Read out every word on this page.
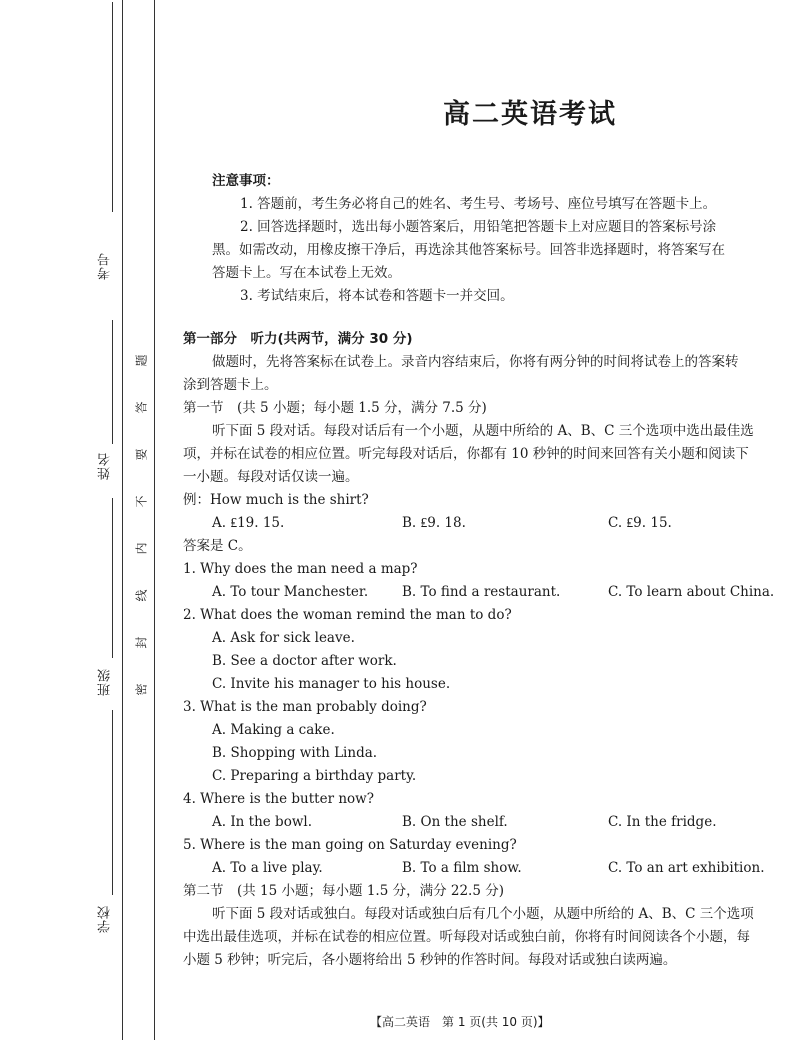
考号
姓名
班级
学校
题
答
要
不
内
线
封
密
高二英语考试
注意事项：
1. 答题前，考生务必将自己的姓名、考生号、考场号、座位号填写在答题卡上。
2. 回答选择题时，选出每小题答案后，用铅笔把答题卡上对应题目的答案标号涂
黑。如需改动，用橡皮擦干净后，再选涂其他答案标号。回答非选择题时，将答案写在
答题卡上。写在本试卷上无效。
3. 考试结束后，将本试卷和答题卡一并交回。
第一部分　听力(共两节，满分 30 分)
做题时，先将答案标在试卷上。录音内容结束后，你将有两分钟的时间将试卷上的答案转
涂到答题卡上。
第一节　(共 5 小题；每小题 1.5 分，满分 7.5 分)
听下面 5 段对话。每段对话后有一个小题，从题中所给的 A、B、C 三个选项中选出最佳选
项，并标在试卷的相应位置。听完每段对话后，你都有 10 秒钟的时间来回答有关小题和阅读下
一小题。每段对话仅读一遍。
例：How much is the shirt?
A. ₤19. 15.	B. ₤9. 18.	C. ₤9. 15.
答案是 C。
1. Why does the man need a map?
A. To tour Manchester.	B. To find a restaurant.	C. To learn about China.
2. What does the woman remind the man to do?
A. Ask for sick leave.
B. See a doctor after work.
C. Invite his manager to his house.
3. What is the man probably doing?
A. Making a cake.
B. Shopping with Linda.
C. Preparing a birthday party.
4. Where is the butter now?
A. In the bowl.	B. On the shelf.	C. In the fridge.
5. Where is the man going on Saturday evening?
A. To a live play.	B. To a film show.	C. To an art exhibition.
第二节　(共 15 小题；每小题 1.5 分，满分 22.5 分)
听下面 5 段对话或独白。每段对话或独白后有几个小题，从题中所给的 A、B、C 三个选项
中选出最佳选项，并标在试卷的相应位置。听每段对话或独白前，你将有时间阅读各个小题，每
小题 5 秒钟；听完后，各小题将给出 5 秒钟的作答时间。每段对话或独白读两遍。
【高二英语　第 1 页(共 10 页)】
